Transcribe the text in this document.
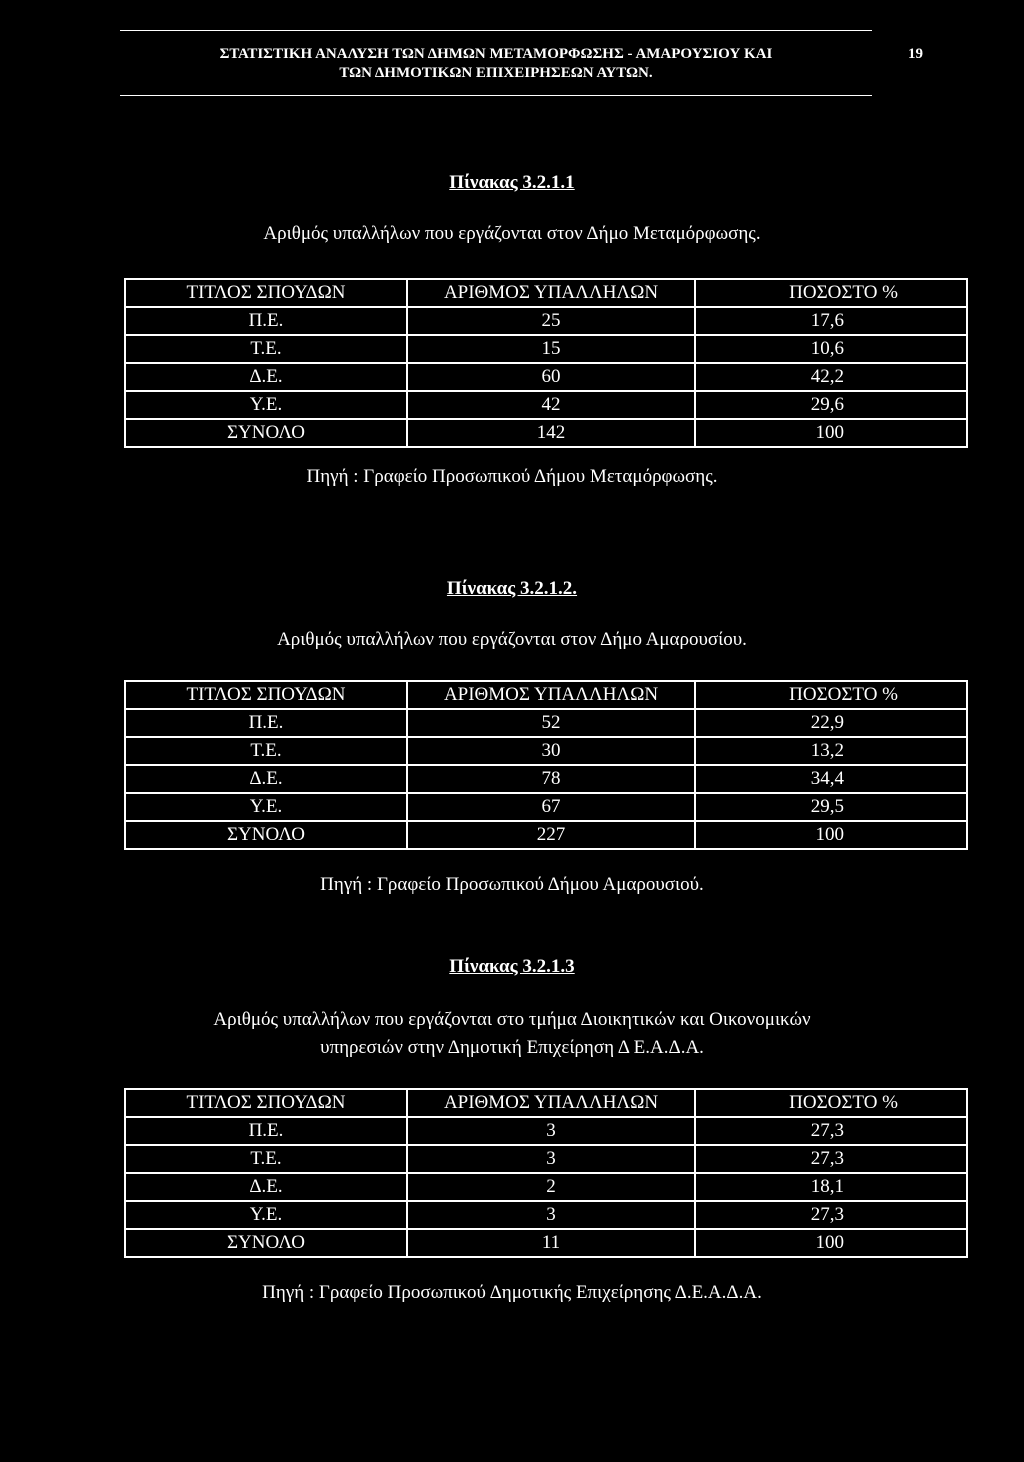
ΣΤΑΤΙΣΤΙΚΗ ΑΝΑΛΥΣΗ ΤΩΝ ΔΗΜΩΝ ΜΕΤΑΜΟΡΦΩΣΗΣ - ΑΜΑΡΟΥΣΙΟΥ ΚΑΙ
ΤΩΝ ΔΗΜΟΤΙΚΩΝ ΕΠΙΧΕΙΡΗΣΕΩΝ ΑΥΤΩΝ.
19
Πίνακας 3.2.1.1
Αριθμός υπαλλήλων που εργάζονται στον Δήμο Μεταμόρφωσης.
ΤΙΤΛΟΣ ΣΠΟΥΔΩΝ	ΑΡΙΘΜΟΣ ΥΠΑΛΛΗΛΩΝ	ΠΟΣΟΣΤΟ %
Π.Ε.	25	17,6
Τ.Ε.	15	10,6
Δ.Ε.	60	42,2
Υ.Ε.	42	29,6
ΣΥΝΟΛΟ	142	100
Πηγή : Γραφείο Προσωπικού Δήμου Μεταμόρφωσης.
Πίνακας 3.2.1.2.
Αριθμός υπαλλήλων που εργάζονται στον Δήμο Αμαρουσίου.
ΤΙΤΛΟΣ ΣΠΟΥΔΩΝ	ΑΡΙΘΜΟΣ ΥΠΑΛΛΗΛΩΝ	ΠΟΣΟΣΤΟ %
Π.Ε.	52	22,9
Τ.Ε.	30	13,2
Δ.Ε.	78	34,4
Υ.Ε.	67	29,5
ΣΥΝΟΛΟ	227	100
Πηγή : Γραφείο Προσωπικού Δήμου Αμαρουσιού.
Πίνακας 3.2.1.3
Αριθμός υπαλλήλων που εργάζονται στο τμήμα Διοικητικών και Οικονομικών
υπηρεσιών στην Δημοτική Επιχείρηση Δ Ε.Α.Δ.Α.
ΤΙΤΛΟΣ ΣΠΟΥΔΩΝ	ΑΡΙΘΜΟΣ ΥΠΑΛΛΗΛΩΝ	ΠΟΣΟΣΤΟ %
Π.Ε.	3	27,3
Τ.Ε.	3	27,3
Δ.Ε.	2	18,1
Υ.Ε.	3	27,3
ΣΥΝΟΛΟ	11	100
Πηγή : Γραφείο Προσωπικού Δημοτικής Επιχείρησης Δ.Ε.Α.Δ.Α.
